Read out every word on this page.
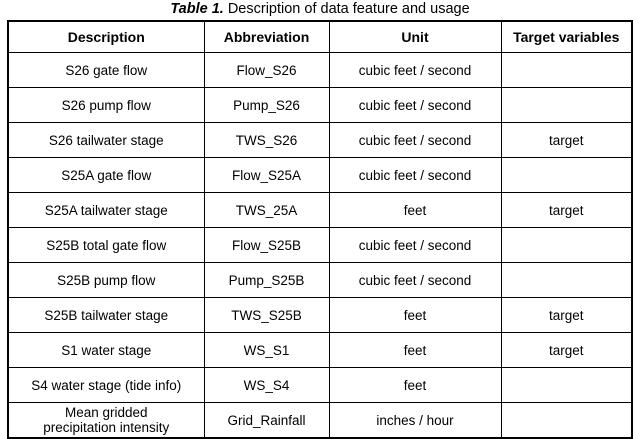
Table 1. Description of data feature and usage
Description	Abbreviation	Unit	Target variables
S26 gate flow	Flow_S26	cubic feet / second	
S26 pump flow	Pump_S26	cubic feet / second	
S26 tailwater stage	TWS_S26	cubic feet / second	target
S25A gate flow	Flow_S25A	cubic feet / second	
S25A tailwater stage	TWS_25A	feet	target
S25B total gate flow	Flow_S25B	cubic feet / second	
S25B pump flow	Pump_S25B	cubic feet / second	
S25B tailwater stage	TWS_S25B	feet	target
S1 water stage	WS_S1	feet	target
S4 water stage (tide info)	WS_S4	feet	

Mean gridded
precipitation intensity	Grid_Rainfall	inches / hour	
